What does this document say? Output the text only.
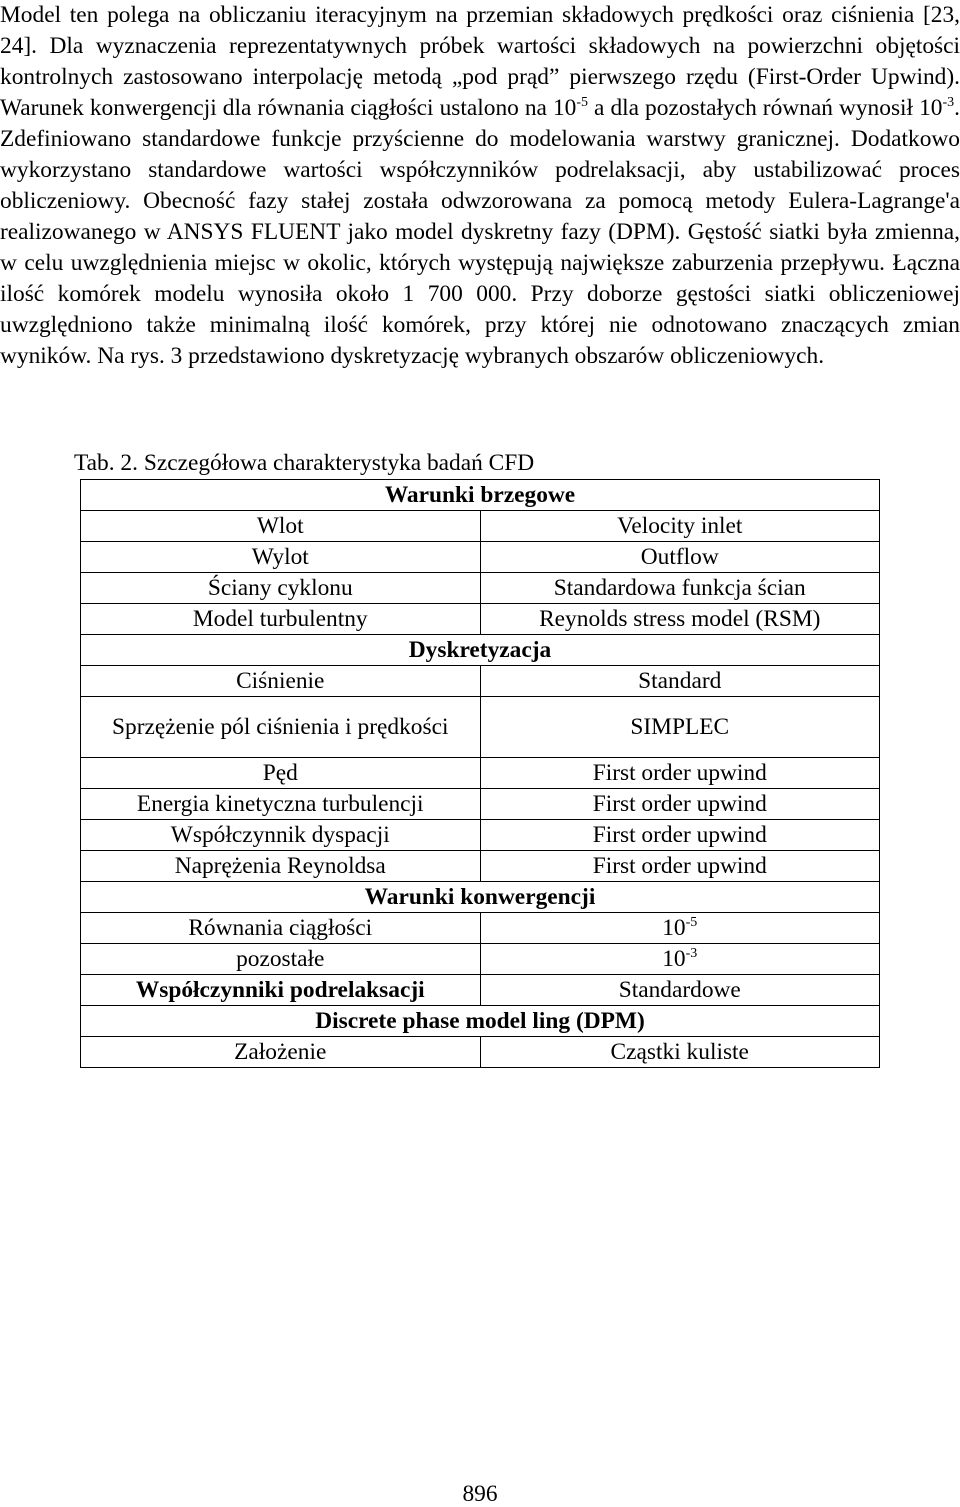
Model ten polega na obliczaniu iteracyjnym na przemian składowych prędkości oraz ciśnienia [23, 24]. Dla wyznaczenia reprezentatywnych próbek wartości składowych na powierzchni objętości kontrolnych zastosowano interpolację metodą „pod prąd” pierwszego rzędu (First-Order Upwind). Warunek konwergencji dla równania ciągłości ustalono na $10^{-5}$ a dla pozostałych równań wynosił $10^{-3}$. Zdefiniowano standardowe funkcje przyścienne do modelowania warstwy granicznej. Dodatkowo wykorzystano standardowe wartości współczynników podrelaksacji, aby ustabilizować proces obliczeniowy. Obecność fazy stałej została odwzorowana za pomocą metody Eulera-Lagrange'a realizowanego w ANSYS FLUENT jako model dyskretny fazy (DPM). Gęstość siatki była zmienna, w celu uwzględnienia miejsc w okolic, których występują największe zaburzenia przepływu. Łączna ilość komórek modelu wynosiła około 1 700 000. Przy doborze gęstości siatki obliczeniowej uwzględniono także minimalną ilość komórek, przy której nie odnotowano znaczących zmian wyników. Na rys. 3 przedstawiono dyskretyzację wybranych obszarów obliczeniowych.

Tab. 2. Szczegółowa charakterystyka badań CFD
Warunki brzegowe	
Wlot	Velocity inlet
Wylot	Outflow
Ściany cyklonu	Standardowa funkcja ścian
Model turbulentny	Reynolds stress model (RSM)
Dyskretyzacja	
Ciśnienie	Standard
Sprzężenie pól ciśnienia i prędkości	SIMPLEC
Pęd	First order upwind
Energia kinetyczna turbulencji	First order upwind
Współczynnik dyspacji	First order upwind
Naprężenia Reynoldsa	First order upwind
Warunki konwergencji	
Równania ciągłości	$10^{-5}$
pozostałe	$10^{-3}$
Współczynniki podrelaksacji	Standardowe
Discrete phase model ling (DPM)	
Założenie	Cząstki kuliste
896
